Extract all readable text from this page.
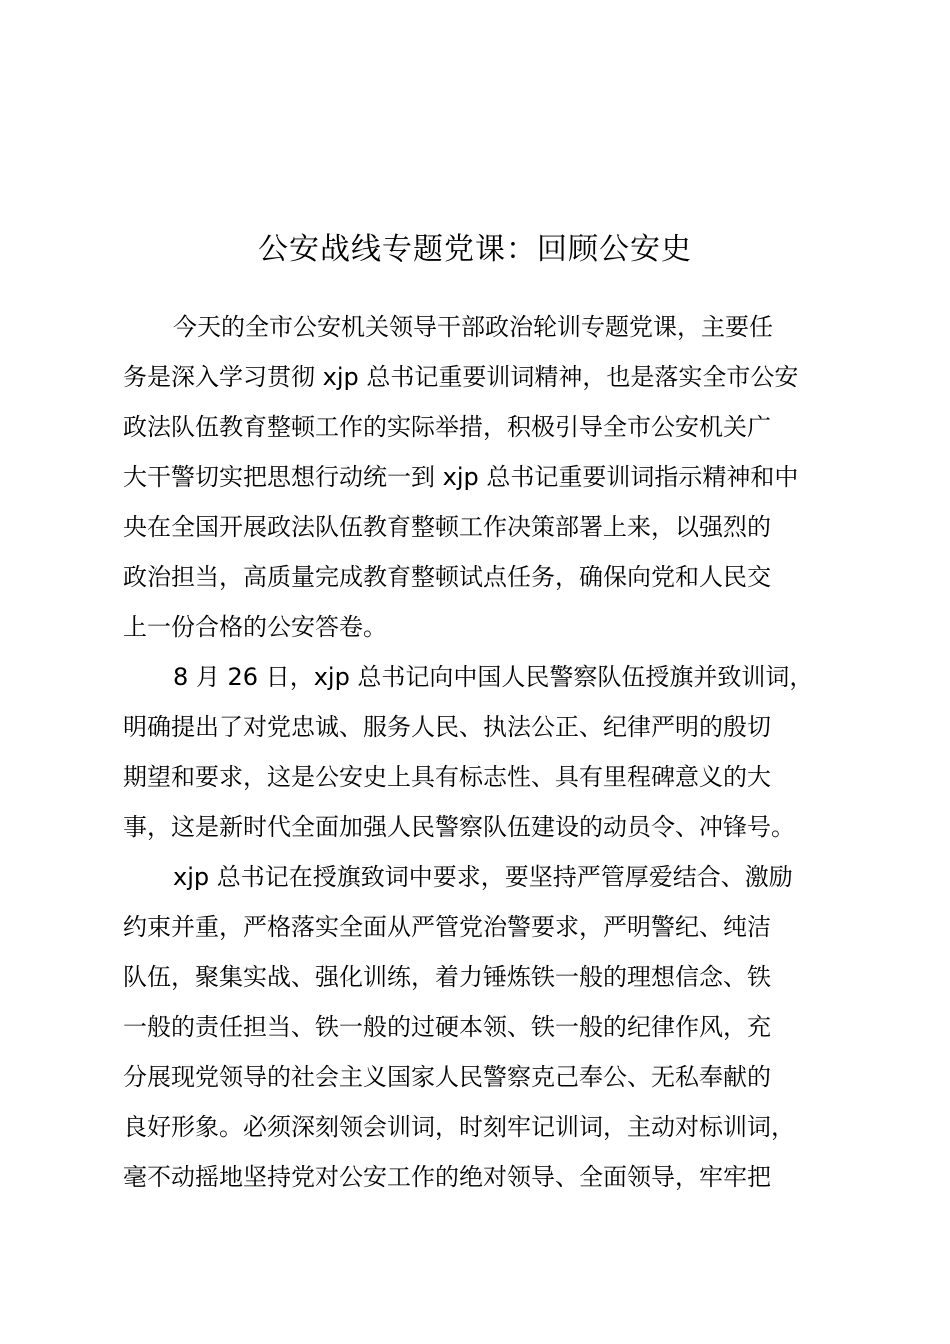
公安战线专题党课：回顾公安史
今天的全市公安机关领导干部政治轮训专题党课，主要任
务是深入学习贯彻 xjp 总书记重要训词精神，也是落实全市公安
政法队伍教育整顿工作的实际举措，积极引导全市公安机关广
大干警切实把思想行动统一到 xjp 总书记重要训词指示精神和中
央在全国开展政法队伍教育整顿工作决策部署上来，以强烈的
政治担当，高质量完成教育整顿试点任务，确保向党和人民交
上一份合格的公安答卷。
8 月 26 日，xjp 总书记向中国人民警察队伍授旗并致训词，
明确提出了对党忠诚、服务人民、执法公正、纪律严明的殷切
期望和要求，这是公安史上具有标志性、具有里程碑意义的大
事，这是新时代全面加强人民警察队伍建设的动员令、冲锋号。
xjp 总书记在授旗致词中要求，要坚持严管厚爱结合、激励
约束并重，严格落实全面从严管党治警要求，严明警纪、纯洁
队伍，聚集实战、强化训练，着力锤炼铁一般的理想信念、铁
一般的责任担当、铁一般的过硬本领、铁一般的纪律作风，充
分展现党领导的社会主义国家人民警察克己奉公、无私奉献的
良好形象。必须深刻领会训词，时刻牢记训词，主动对标训词，
毫不动摇地坚持党对公安工作的绝对领导、全面领导，牢牢把
